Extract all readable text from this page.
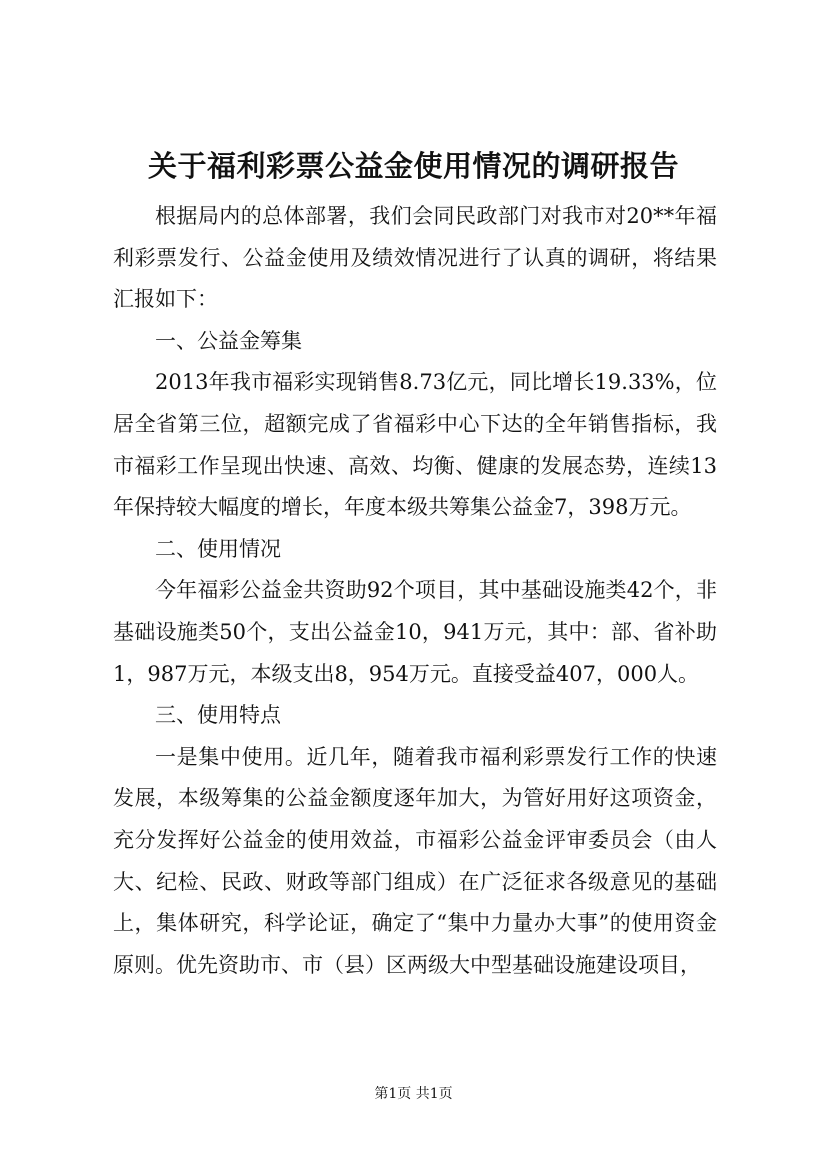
关于福利彩票公益金使用情况的调研报告

根据局内的总体部署，我们会同民政部门对我市对20**年福利彩票发行、公益金使用及绩效情况进行了认真的调研，将结果汇报如下：

一、公益金筹集

2013年我市福彩实现销售8.73亿元，同比增长19.33%，位居全省第三位，超额完成了省福彩中心下达的全年销售指标，我市福彩工作呈现出快速、高效、均衡、健康的发展态势，连续13年保持较大幅度的增长，年度本级共筹集公益金7，398万元。

二、使用情况

今年福彩公益金共资助92个项目，其中基础设施类42个，非基础设施类50个，支出公益金10，941万元，其中：部、省补助1，987万元，本级支出8，954万元。直接受益407，000人。

三、使用特点

一是集中使用。近几年，随着我市福利彩票发行工作的快速发展，本级筹集的公益金额度逐年加大，为管好用好这项资金，充分发挥好公益金的使用效益，市福彩公益金评审委员会（由人大、纪检、民政、财政等部门组成）在广泛征求各级意见的基础上，集体研究，科学论证，确定了“集中力量办大事”的使用资金原则。优先资助市、市（县）区两级大中型基础设施建设项目，

第1页 共1页
